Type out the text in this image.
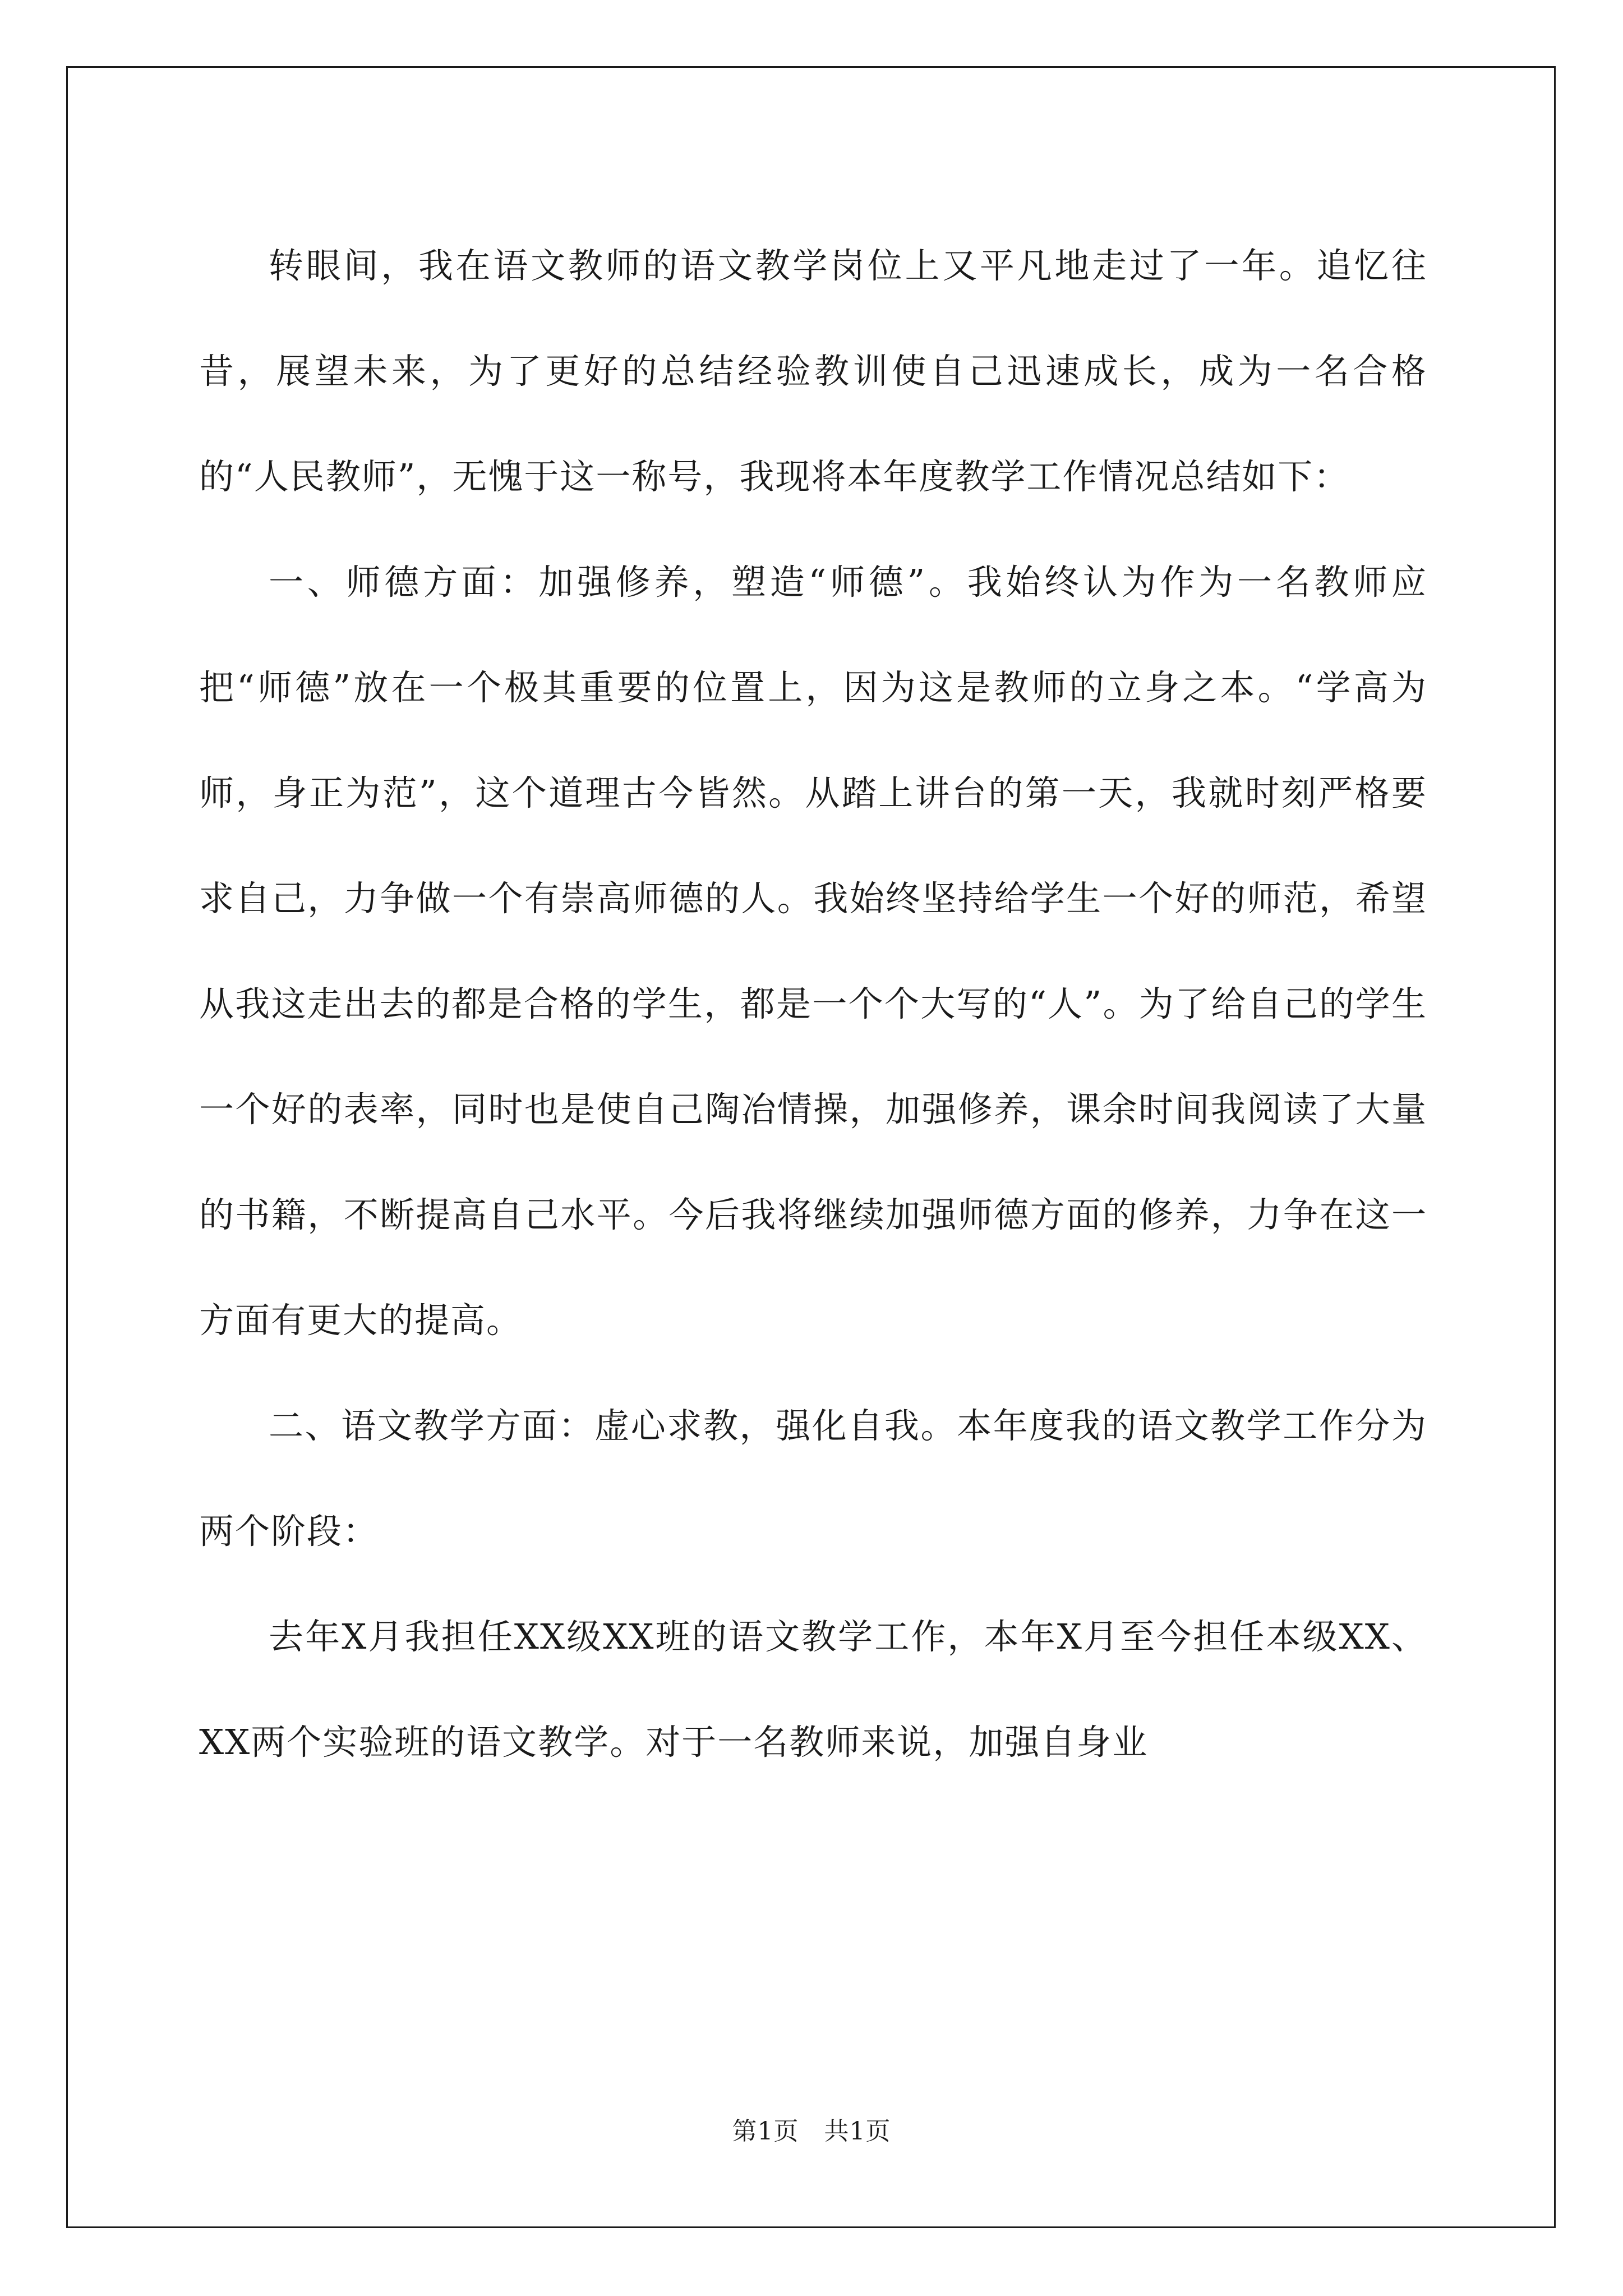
转眼间，我在语文教师的语文教学岗位上又平凡地走过了一年。追忆往昔，展望未来，为了更好的总结经验教训使自己迅速成长，成为一名合格的“人民教师”，无愧于这一称号，我现将本年度教学工作情况总结如下：

一、师德方面：加强修养，塑造“师德”。我始终认为作为一名教师应把“师德”放在一个极其重要的位置上，因为这是教师的立身之本。“学高为师，身正为范”，这个道理古今皆然。从踏上讲台的第一天，我就时刻严格要求自己，力争做一个有崇高师德的人。我始终坚持给学生一个好的师范，希望从我这走出去的都是合格的学生，都是一个个大写的“人”。为了给自己的学生一个好的表率，同时也是使自己陶冶情操，加强修养，课余时间我阅读了大量的书籍，不断提高自己水平。今后我将继续加强师德方面的修养，力争在这一方面有更大的提高。

二、语文教学方面：虚心求教，强化自我。本年度我的语文教学工作分为两个阶段：

去年X月我担任XX级XX班的语文教学工作，本年X月至今担任本级XX、XX两个实验班的语文教学。对于一名教师来说，加强自身业

第1页   共1页
